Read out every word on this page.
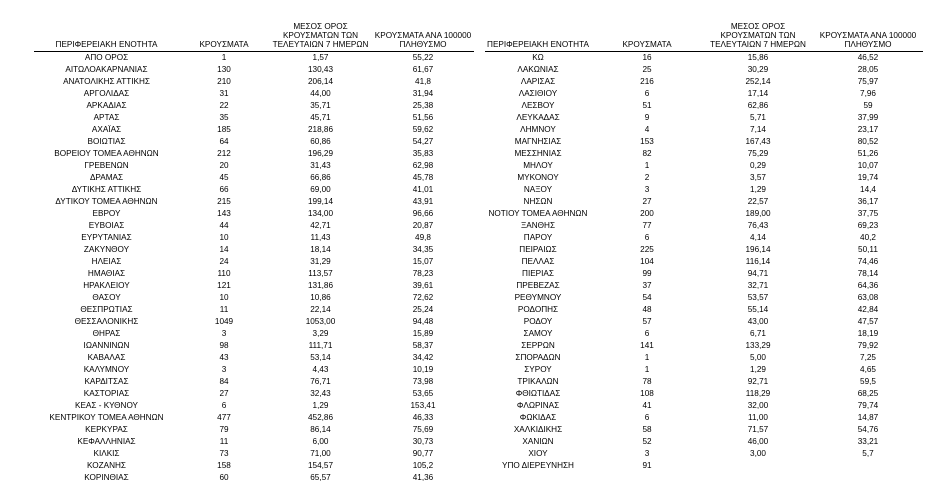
ΠΕΡΙΦΕΡΕΙΑΚΗ ΕΝΟΤΗΤΑ	ΚΡΟΥΣΜΑΤΑ	ΜΕΣΟΣ ΟΡΟΣ ΚΡΟΥΣΜΑΤΩΝ ΤΩΝ ΤΕΛΕΥΤΑΙΩΝ 7 ΗΜΕΡΩΝ	ΚΡΟΥΣΜΑΤΑ ΑΝΑ 100000 ΠΛΗΘΥΣΜΟ
ΑΠΟ ΟΡΟΣ	1	1,57	55,22
ΑΙΤΩΛΟΑΚΑΡΝΑΝΙΑΣ	130	130,43	61,67
ΑΝΑΤΟΛΙΚΗΣ ΑΤΤΙΚΗΣ	210	206,14	41,8
ΑΡΓΟΛΙΔΑΣ	31	44,00	31,94
ΑΡΚΑΔΙΑΣ	22	35,71	25,38
ΑΡΤΑΣ	35	45,71	51,56
ΑΧΑΪΑΣ	185	218,86	59,62
ΒΟΙΩΤΙΑΣ	64	60,86	54,27
ΒΟΡΕΙΟΥ ΤΟΜΕΑ ΑΘΗΝΩΝ	212	196,29	35,83
ΓΡΕΒΕΝΩΝ	20	31,43	62,98
ΔΡΑΜΑΣ	45	66,86	45,78
ΔΥΤΙΚΗΣ ΑΤΤΙΚΗΣ	66	69,00	41,01
ΔΥΤΙΚΟΥ ΤΟΜΕΑ ΑΘΗΝΩΝ	215	199,14	43,91
ΕΒΡΟΥ	143	134,00	96,66
ΕΥΒΟΙΑΣ	44	42,71	20,87
ΕΥΡΥΤΑΝΙΑΣ	10	11,43	49,8
ΖΑΚΥΝΘΟΥ	14	18,14	34,35
ΗΛΕΙΑΣ	24	31,29	15,07
ΗΜΑΘΙΑΣ	110	113,57	78,23
ΗΡΑΚΛΕΙΟΥ	121	131,86	39,61
ΘΑΣΟΥ	10	10,86	72,62
ΘΕΣΠΡΩΤΙΑΣ	11	22,14	25,24
ΘΕΣΣΑΛΟΝΙΚΗΣ	1049	1053,00	94,48
ΘΗΡΑΣ	3	3,29	15,89
ΙΩΑΝΝΙΝΩΝ	98	111,71	58,37
ΚΑΒΑΛΑΣ	43	53,14	34,42
ΚΑΛΥΜΝΟΥ	3	4,43	10,19
ΚΑΡΔΙΤΣΑΣ	84	76,71	73,98
ΚΑΣΤΟΡΙΑΣ	27	32,43	53,65
ΚΕΑΣ - ΚΥΘΝΟΥ	6	1,29	153,41
ΚΕΝΤΡΙΚΟΥ ΤΟΜΕΑ ΑΘΗΝΩΝ	477	452,86	46,33
ΚΕΡΚΥΡΑΣ	79	86,14	75,69
ΚΕΦΑΛΛΗΝΙΑΣ	11	6,00	30,73
ΚΙΛΚΙΣ	73	71,00	90,77
ΚΟΖΑΝΗΣ	158	154,57	105,2
ΚΟΡΙΝΘΙΑΣ	60	65,57	41,36
ΠΕΡΙΦΕΡΕΙΑΚΗ ΕΝΟΤΗΤΑ	ΚΡΟΥΣΜΑΤΑ	ΜΕΣΟΣ ΟΡΟΣ ΚΡΟΥΣΜΑΤΩΝ ΤΩΝ ΤΕΛΕΥΤΑΙΩΝ 7 ΗΜΕΡΩΝ	ΚΡΟΥΣΜΑΤΑ ΑΝΑ 100000 ΠΛΗΘΥΣΜΟ
ΚΩ	16	15,86	46,52
ΛΑΚΩΝΙΑΣ	25	30,29	28,05
ΛΑΡΙΣΑΣ	216	252,14	75,97
ΛΑΣΙΘΙΟΥ	6	17,14	7,96
ΛΕΣΒΟΥ	51	62,86	59
ΛΕΥΚΑΔΑΣ	9	5,71	37,99
ΛΗΜΝΟΥ	4	7,14	23,17
ΜΑΓΝΗΣΙΑΣ	153	167,43	80,52
ΜΕΣΣΗΝΙΑΣ	82	75,29	51,26
ΜΗΛΟΥ	1	0,29	10,07
ΜΥΚΟΝΟΥ	2	3,57	19,74
ΝΑΞΟΥ	3	1,29	14,4
ΝΗΣΩΝ	27	22,57	36,17
ΝΟΤΙΟΥ ΤΟΜΕΑ ΑΘΗΝΩΝ	200	189,00	37,75
ΞΑΝΘΗΣ	77	76,43	69,23
ΠΑΡΟΥ	6	4,14	40,2
ΠΕΙΡΑΙΩΣ	225	196,14	50,11
ΠΕΛΛΑΣ	104	116,14	74,46
ΠΙΕΡΙΑΣ	99	94,71	78,14
ΠΡΕΒΕΖΑΣ	37	32,71	64,36
ΡΕΘΥΜΝΟΥ	54	53,57	63,08
ΡΟΔΟΠΗΣ	48	55,14	42,84
ΡΟΔΟΥ	57	43,00	47,57
ΣΑΜΟΥ	6	6,71	18,19
ΣΕΡΡΩΝ	141	133,29	79,92
ΣΠΟΡΑΔΩΝ	1	5,00	7,25
ΣΥΡΟΥ	1	1,29	4,65
ΤΡΙΚΑΛΩΝ	78	92,71	59,5
ΦΘΙΩΤΙΔΑΣ	108	118,29	68,25
ΦΛΩΡΙΝΑΣ	41	32,00	79,74
ΦΩΚΙΔΑΣ	6	11,00	14,87
ΧΑΛΚΙΔΙΚΗΣ	58	71,57	54,76
ΧΑΝΙΩΝ	52	46,00	33,21
ΧΙΟΥ	3	3,00	5,7
ΥΠΟ ΔΙΕΡΕΥΝΗΣΗ	91		
